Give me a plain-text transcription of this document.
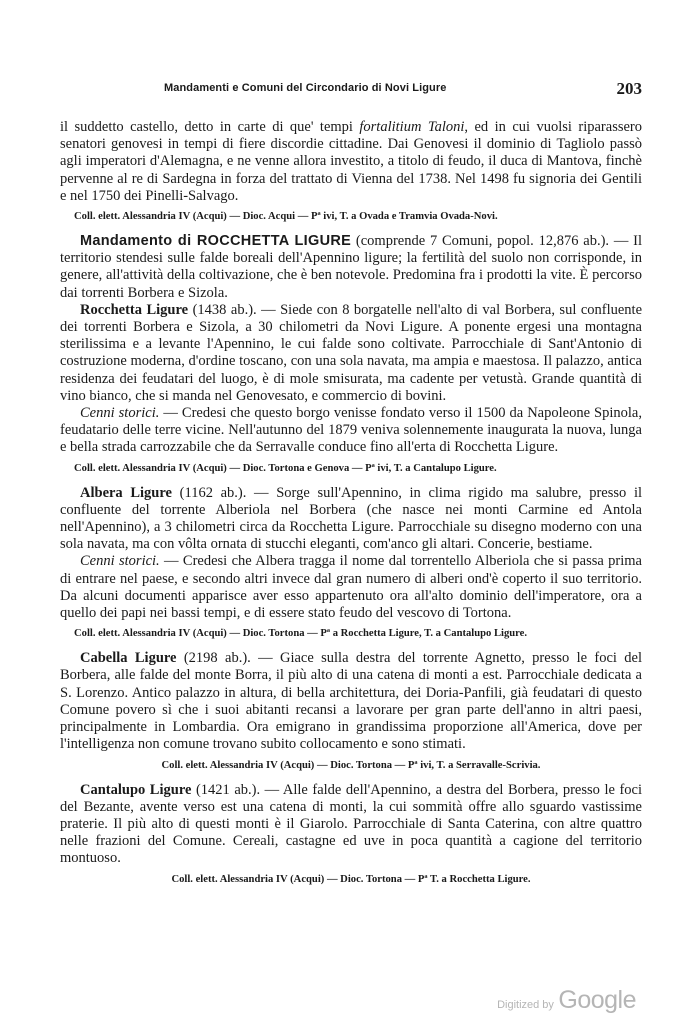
Mandamenti e Comuni del Circondario di Novi Ligure	203

il suddetto castello, detto in carte di que' tempi fortalitium Taloni, ed in cui vuolsi riparassero senatori genovesi in tempi di fiere discordie cittadine. Dai Genovesi il dominio di Tagliolo passò agli imperatori d'Alemagna, e ne venne allora investito, a titolo di feudo, il duca di Mantova, finchè pervenne al re di Sardegna in forza del trattato di Vienna del 1738. Nel 1498 fu signoria dei Gentili e nel 1750 dei Pinelli-Salvago.

Coll. elett. Alessandria IV (Acqui) — Dioc. Acqui — Pª ivi, T. a Ovada e Tramvia Ovada-Novi.

Mandamento di ROCCHETTA LIGURE (comprende 7 Comuni, popol. 12,876 ab.). — Il territorio stendesi sulle falde boreali dell'Apennino ligure; la fertilità del suolo non corrisponde, in genere, all'attività della coltivazione, che è ben notevole. Predomina fra i prodotti la vite. È percorso dai torrenti Borbera e Sizola.

Rocchetta Ligure (1438 ab.). — Siede con 8 borgatelle nell'alto di val Borbera, sul confluente dei torrenti Borbera e Sizola, a 30 chilometri da Novi Ligure. A ponente ergesi una montagna sterilissima e a levante l'Apennino, le cui falde sono coltivate. Parrocchiale di Sant'Antonio di costruzione moderna, d'ordine toscano, con una sola navata, ma ampia e maestosa. Il palazzo, antica residenza dei feudatari del luogo, è di mole smisurata, ma cadente per vetustà. Grande quantità di vino bianco, che si manda nel Genovesato, e commercio di bovini.

Cenni storici. — Credesi che questo borgo venisse fondato verso il 1500 da Napoleone Spinola, feudatario delle terre vicine. Nell'autunno del 1879 veniva solennemente inaugurata la nuova, lunga e bella strada carrozzabile che da Serravalle conduce fino all'erta di Rocchetta Ligure.

Coll. elett. Alessandria IV (Acqui) — Dioc. Tortona e Genova — Pª ivi, T. a Cantalupo Ligure.

Albera Ligure (1162 ab.). — Sorge sull'Apennino, in clima rigido ma salubre, presso il confluente del torrente Alberiola nel Borbera (che nasce nei monti Carmine ed Antola nell'Apennino), a 3 chilometri circa da Rocchetta Ligure. Parrocchiale su disegno moderno con una sola navata, ma con vôlta ornata di stucchi eleganti, com'anco gli altari. Concerie, bestiame.

Cenni storici. — Credesi che Albera tragga il nome dal torrentello Alberiola che si passa prima di entrare nel paese, e secondo altri invece dal gran numero di alberi ond'è coperto il suo territorio. Da alcuni documenti apparisce aver esso appartenuto ora all'alto dominio dell'imperatore, ora a quello dei papi nei bassi tempi, e di essere stato feudo del vescovo di Tortona.

Coll. elett. Alessandria IV (Acqui) — Dioc. Tortona — Pª a Rocchetta Ligure, T. a Cantalupo Ligure.

Cabella Ligure (2198 ab.). — Giace sulla destra del torrente Agnetto, presso le foci del Borbera, alle falde del monte Borra, il più alto di una catena di monti a est. Parrocchiale dedicata a S. Lorenzo. Antico palazzo in altura, di bella architettura, dei Doria-Panfili, già feudatari di questo Comune povero sì che i suoi abitanti recansi a lavorare per gran parte dell'anno in altri paesi, principalmente in Lombardia. Ora emigrano in grandissima proporzione all'America, dove per l'intelligenza non comune trovano subito collocamento e sono stimati.

Coll. elett. Alessandria IV (Acqui) — Dioc. Tortona — Pª ivi, T. a Serravalle-Scrivia.

Cantalupo Ligure (1421 ab.). — Alle falde dell'Apennino, a destra del Borbera, presso le foci del Bezante, avente verso est una catena di monti, la cui sommità offre allo sguardo vastissime praterie. Il più alto di questi monti è il Giarolo. Parrocchiale di Santa Caterina, con altre quattro nelle frazioni del Comune. Cereali, castagne ed uve in poca quantità a cagione del territorio montuoso.

Coll. elett. Alessandria IV (Acqui) — Dioc. Tortona — Pª T. a Rocchetta Ligure.
Digitized by Google
